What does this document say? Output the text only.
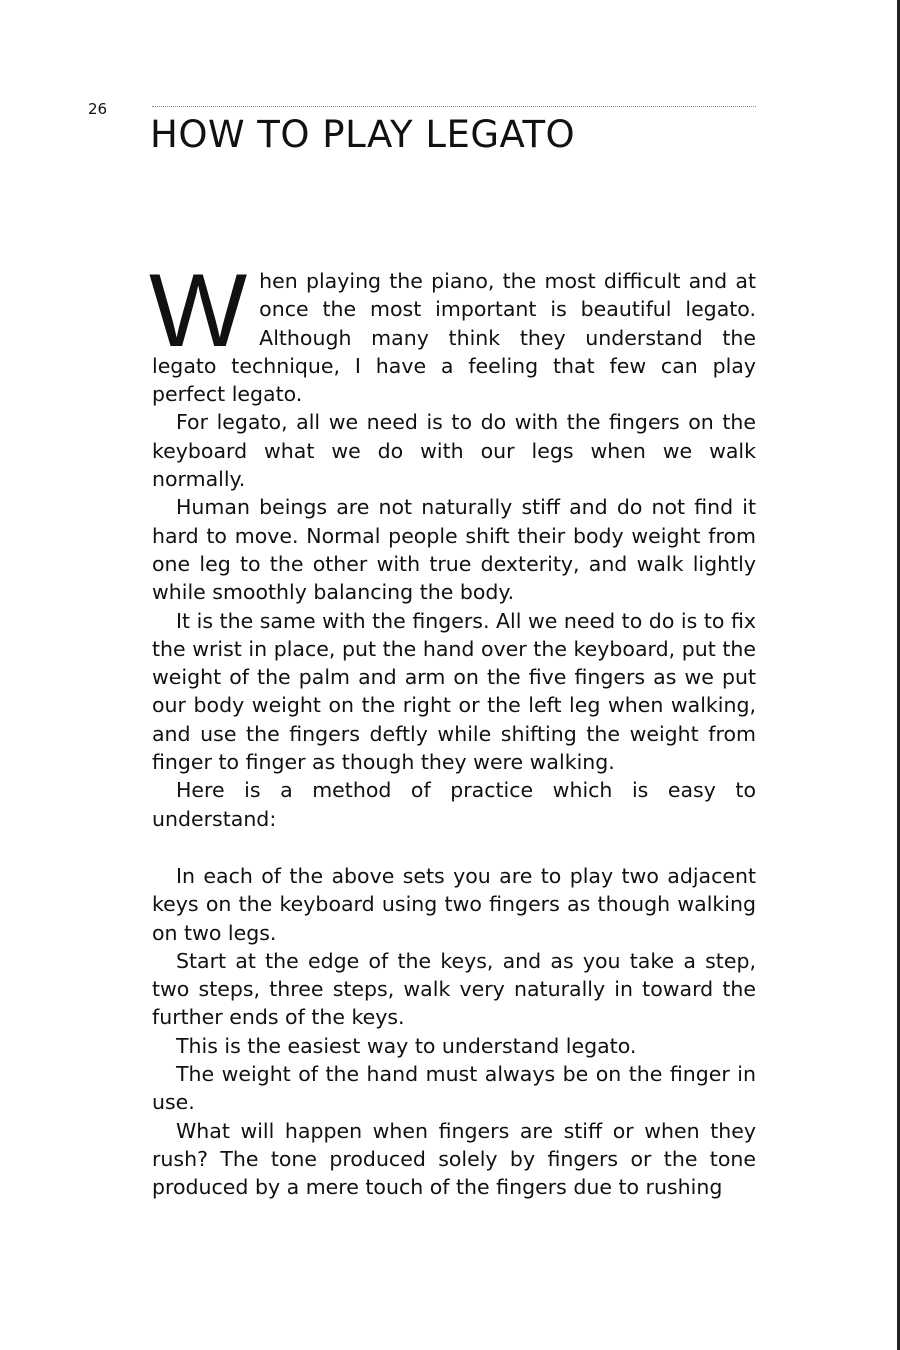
26
HOW TO PLAY LEGATO

When playing the piano, the most difficult and at once the most important is beautiful legato. Although many think they understand the legato technique, I have a feeling that few can play perfect legato.

For legato, all we need is to do with the fingers on the keyboard what we do with our legs when we walk normally.

Human beings are not naturally stiff and do not find it hard to move. Normal people shift their body weight from one leg to the other with true dexterity, and walk lightly while smoothly balancing the body.

It is the same with the fingers. All we need to do is to fix the wrist in place, put the hand over the keyboard, put the weight of the palm and arm on the five fingers as we put our body weight on the right or the left leg when walking, and use the fingers deftly while shifting the weight from finger to finger as though they were walking.

Here is a method of practice which is easy to understand:

In each of the above sets you are to play two adjacent keys on the keyboard using two fingers as though walking on two legs.

Start at the edge of the keys, and as you take a step, two steps, three steps, walk very naturally in toward the further ends of the keys.

This is the easiest way to understand legato.

The weight of the hand must always be on the finger in use.

What will happen when fingers are stiff or when they rush? The tone produced solely by fingers or the tone produced by a mere touch of the fingers due to rushing
